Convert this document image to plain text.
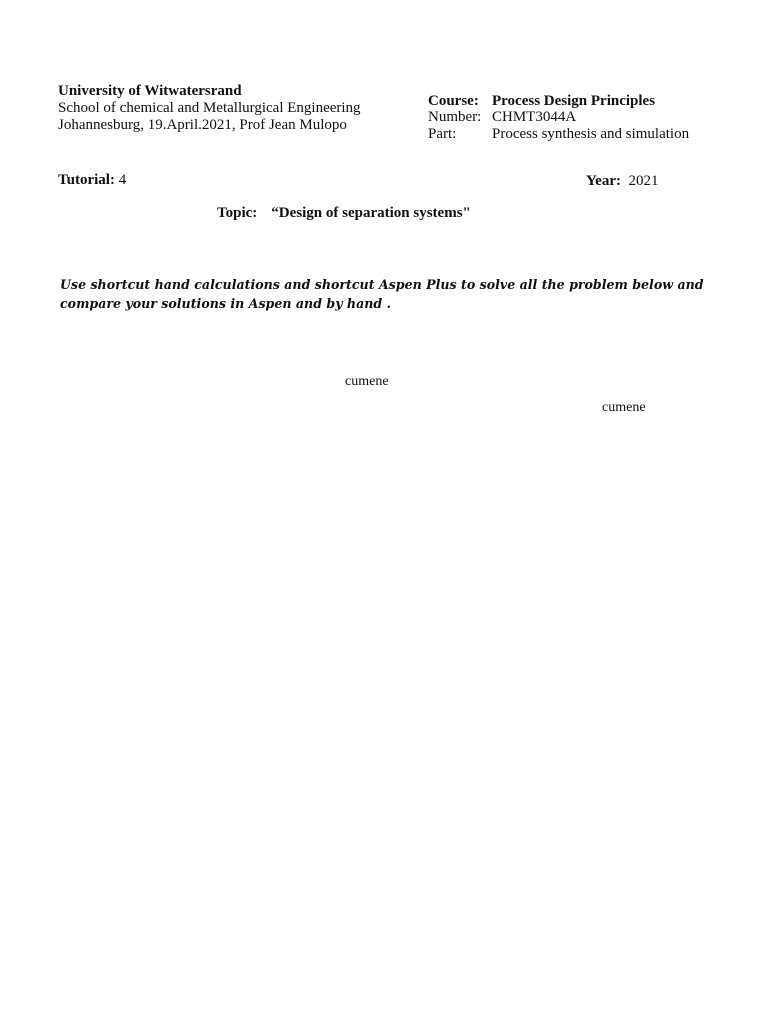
University of Witwatersrand
School of chemical and Metallurgical Engineering
Johannesburg, 19.April.2021, Prof Jean Mulopo
Course: Process Design Principles
Number: CHMT3044A
Part: Process synthesis and simulation
Tutorial: 4	Year: 2021
Topic: “Design of separation systems"
Use shortcut hand calculations and shortcut Aspen Plus to solve all the problem below and compare your solutions in Aspen and by hand .
cumene
cumene
